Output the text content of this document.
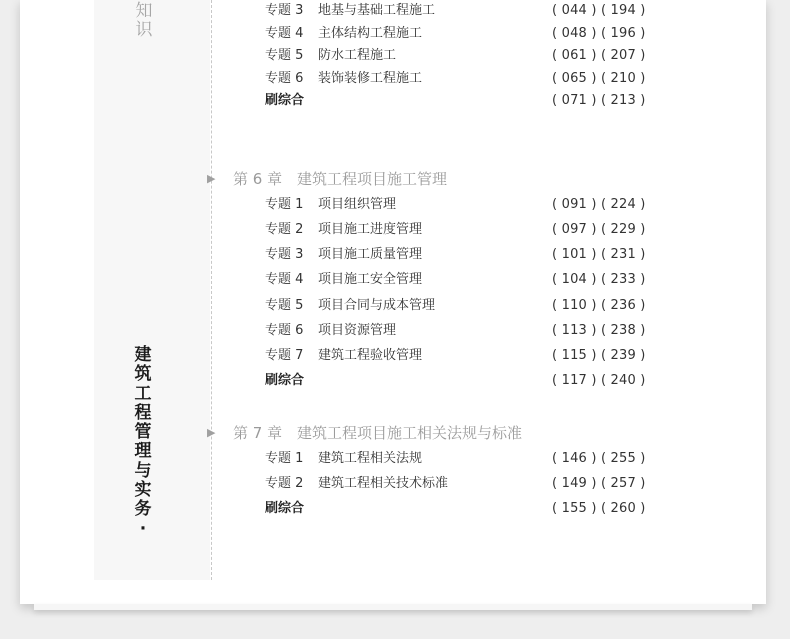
知识
建筑工程管理与实务·
专题 3 地基与基础工程施工	( 044 ) ( 194 )
专题 4 主体结构工程施工	( 048 ) ( 196 )
专题 5 防水工程施工	( 061 ) ( 207 )
专题 6 装饰装修工程施工	( 065 ) ( 210 )
刷综合	( 071 ) ( 213 )
▶ 第 6 章 建筑工程项目施工管理
专题 1 项目组织管理	( 091 ) ( 224 )
专题 2 项目施工进度管理	( 097 ) ( 229 )
专题 3 项目施工质量管理	( 101 ) ( 231 )
专题 4 项目施工安全管理	( 104 ) ( 233 )
专题 5 项目合同与成本管理	( 110 ) ( 236 )
专题 6 项目资源管理	( 113 ) ( 238 )
专题 7 建筑工程验收管理	( 115 ) ( 239 )
刷综合	( 117 ) ( 240 )
▶ 第 7 章 建筑工程项目施工相关法规与标准
专题 1 建筑工程相关法规	( 146 ) ( 255 )
专题 2 建筑工程相关技术标准	( 149 ) ( 257 )
刷综合	( 155 ) ( 260 )
